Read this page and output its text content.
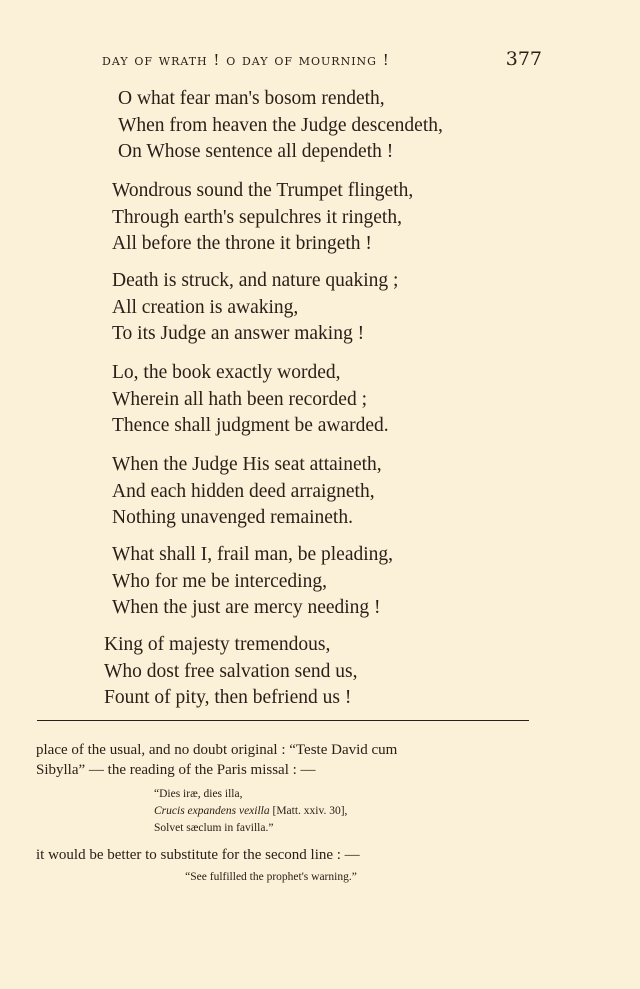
day of wrath ! o day of mourning !	377
O what fear man's bosom rendeth,
When from heaven the Judge descendeth,
On Whose sentence all dependeth !
Wondrous sound the Trumpet flingeth,
Through earth's sepulchres it ringeth,
All before the throne it bringeth !
Death is struck, and nature quaking ;
All creation is awaking,
To its Judge an answer making !
Lo, the book exactly worded,
Wherein all hath been recorded ;
Thence shall judgment be awarded.
When the Judge His seat attaineth,
And each hidden deed arraigneth,
Nothing unavenged remaineth.
What shall I, frail man, be pleading,
Who for me be interceding,
When the just are mercy needing !
King of majesty tremendous,
Who dost free salvation send us,
Fount of pity, then befriend us !
place of the usual, and no doubt original : “Teste David cum
Sibylla” — the reading of the Paris missal : —
“Dies iræ, dies illa,
Crucis expandens vexilla [Matt. xxiv. 30],
Solvet sæclum in favilla.”
it would be better to substitute for the second line : —
“See fulfilled the prophet's warning.”
